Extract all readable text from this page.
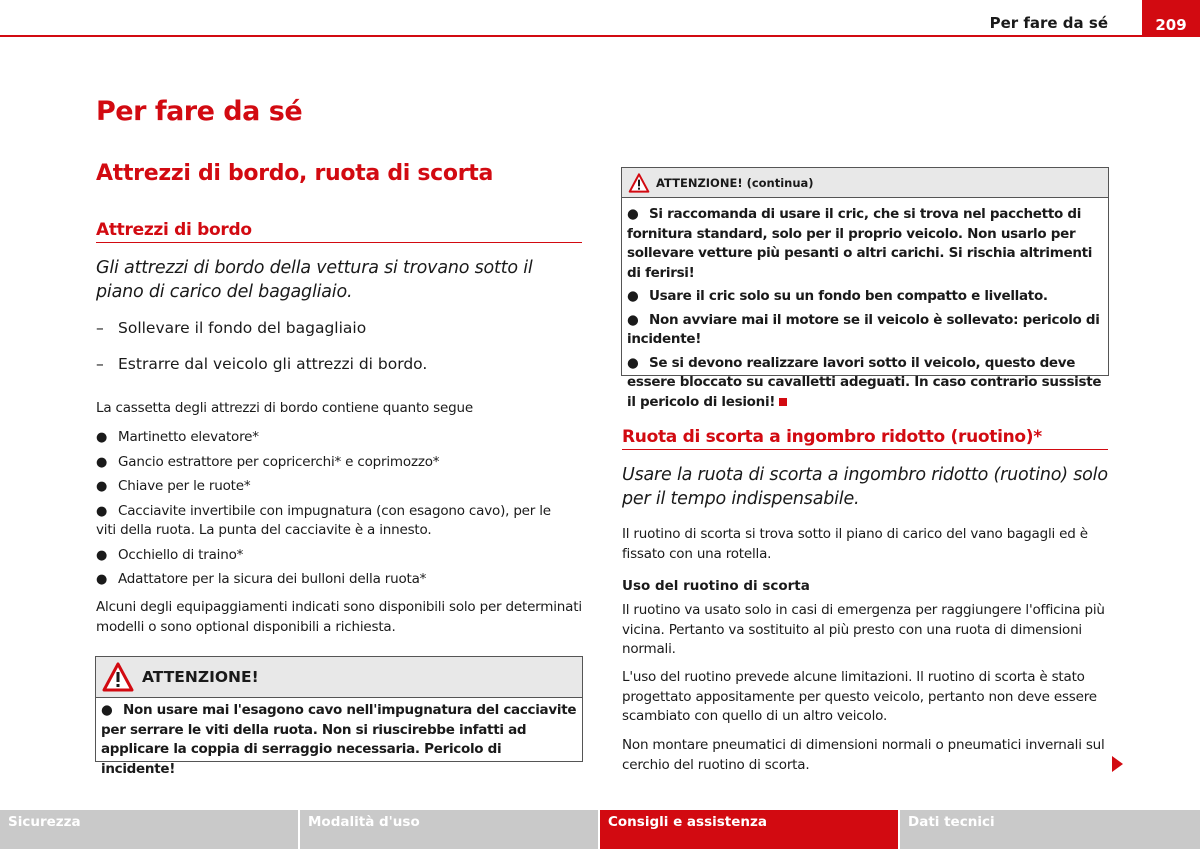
Per fare da sé	209
Per fare da sé
Attrezzi di bordo, ruota di scorta
Attrezzi di bordo
Gli attrezzi di bordo della vettura si trovano sotto il piano di carico del bagagliaio.
– Sollevare il fondo del bagagliaio
– Estrarre dal veicolo gli attrezzi di bordo.
La cassetta degli attrezzi di bordo contiene quanto segue
● Martinetto elevatore*
● Gancio estrattore per copricerchi* e coprimozzo*
● Chiave per le ruote*
● Cacciavite invertibile con impugnatura (con esagono cavo), per le viti della ruota. La punta del cacciavite è a innesto.
● Occhiello di traino*
● Adattatore per la sicura dei bulloni della ruota*
Alcuni degli equipaggiamenti indicati sono disponibili solo per determinati modelli o sono optional disponibili a richiesta.
ATTENZIONE!

● Non usare mai l'esagono cavo nell'impugnatura del cacciavite per serrare le viti della ruota. Non si riuscirebbe infatti ad applicare la coppia di serraggio necessaria. Pericolo di incidente!

ATTENZIONE! (continua)

● Si raccomanda di usare il cric, che si trova nel pacchetto di fornitura standard, solo per il proprio veicolo. Non usarlo per sollevare vetture più pesanti o altri carichi. Si rischia altrimenti di ferirsi!

● Usare il cric solo su un fondo ben compatto e livellato.

● Non avviare mai il motore se il veicolo è sollevato: pericolo di incidente!

● Se si devono realizzare lavori sotto il veicolo, questo deve essere bloccato su cavalletti adeguati. In caso contrario sussiste il pericolo di lesioni!

Ruota di scorta a ingombro ridotto (ruotino)*
Usare la ruota di scorta a ingombro ridotto (ruotino) solo per il tempo indispensabile.
Il ruotino di scorta si trova sotto il piano di carico del vano bagagli ed è fissato con una rotella.
Uso del ruotino di scorta
Il ruotino va usato solo in casi di emergenza per raggiungere l'officina più vicina. Pertanto va sostituito al più presto con una ruota di dimensioni normali.
L'uso del ruotino prevede alcune limitazioni. Il ruotino di scorta è stato progettato appositamente per questo veicolo, pertanto non deve essere scambiato con quello di un altro veicolo.
Non montare pneumatici di dimensioni normali o pneumatici invernali sul cerchio del ruotino di scorta.
Sicurezza	Modalità d'uso	Consigli e assistenza	Dati tecnici
